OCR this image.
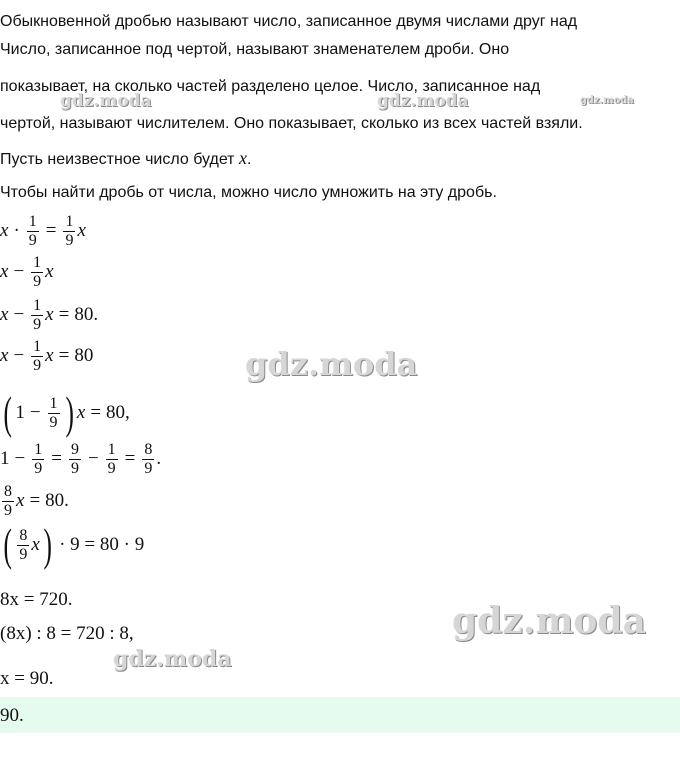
Обыкновенной дробью называют число, записанное двумя числами друг над
Число, записанное под чертой, называют знаменателем дроби. Оно
показывает, на сколько частей разделено целое. Число, записанное над
чертой, называют числителем. Оно показывает, сколько из всех частей взяли.
Пусть неизвестное число будет x.
Чтобы найти дробь от числа, можно число умножить на эту дробь.
$x \cdot \frac{1}{9} = \frac{1}{9}$ x
$x - \frac{1}{9}$ x
$x - \frac{1}{9}$ x = 80 .
$x - \frac{1}{9}$ x = 80
( $1 - \frac{1}{9}$ ) x = 80 ,
$1 - \frac{1}{9} = \frac{9}{9} - \frac{1}{9} = \frac{8}{9}$ .
$\frac{8}{9}$ x = 80 .
( $\frac{8}{9}$ x ) · 9 = 80 · 9
8x = 720.
(8x) : 8 = 720 : 8,
x = 90.
90.
gdz.moda	gdz.moda	gdz.moda
gdz.moda
gdz.moda
gdz.moda
